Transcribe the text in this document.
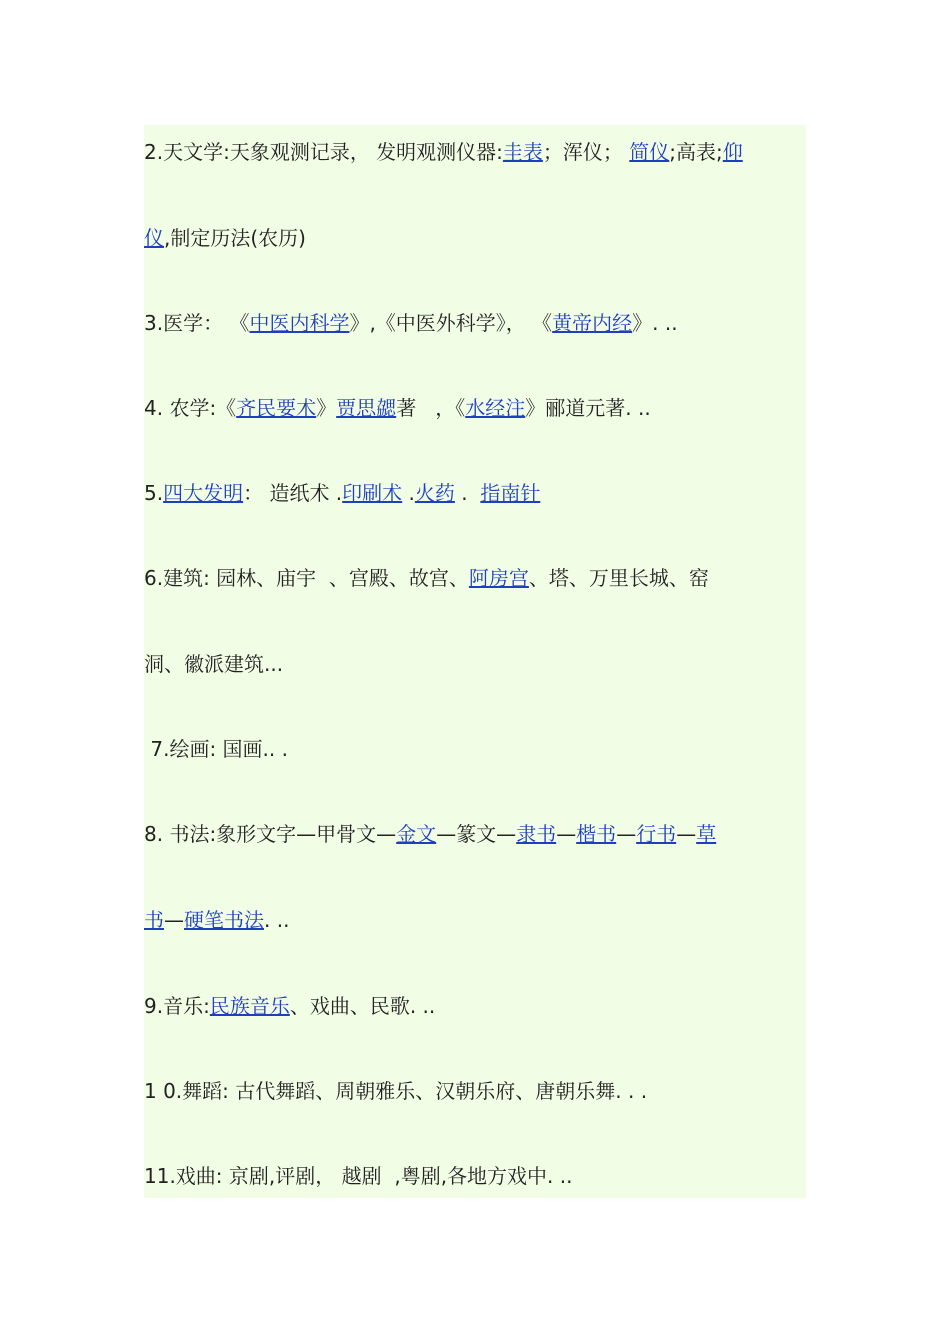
2.天文学:天象观测记录， 发明观测仪器:圭表；浑仪； 简仪;高表;仰
仪,制定历法(农历)
3.医学： 《中医内科学》,《中医外科学》， 《黄帝内经》. ..
4. 农学:《齐民要术》贾思勰著   ，《水经注》郦道元著. ..
5.四大发明： 造纸术 .印刷术 .火药 .  指南针
6.建筑: 园林、庙宇  、宫殿、故宫、阿房宫、塔、万里长城、窑
洞、徽派建筑...
7.绘画: 国画.. .
8. 书法:象形文字—甲骨文—金文—篆文—隶书—楷书—行书—草
书—硬笔书法. ..
9.音乐:民族音乐、戏曲、民歌. ..
1 0.舞蹈: 古代舞蹈、周朝雅乐、汉朝乐府、唐朝乐舞. . .
11.戏曲: 京剧,评剧， 越剧  ,粤剧,各地方戏中. ..
